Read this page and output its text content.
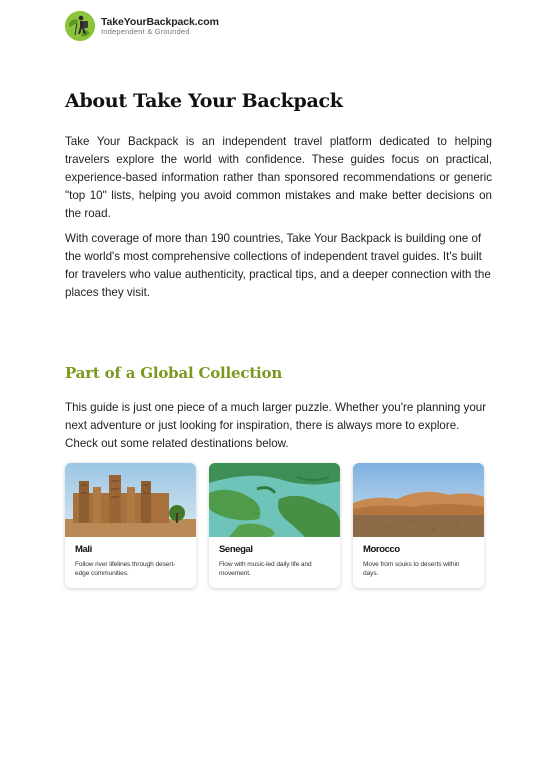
TakeYourBackpack.com
Independent & Grounded
About Take Your Backpack

Take Your Backpack is an independent travel platform dedicated to helping travelers explore the world with confidence. These guides focus on practical, experience-based information rather than sponsored recommendations or generic "top 10" lists, helping you avoid common mistakes and make better decisions on the road.

With coverage of more than 190 countries, Take Your Backpack is building one of the world's most comprehensive collections of independent travel guides. It's built for travelers who value authenticity, practical tips, and a deeper connection with the places they visit.

Part of a Global Collection

This guide is just one piece of a much larger puzzle. Whether you're planning your next adventure or just looking for inspiration, there is always more to explore. Check out some related destinations below.

Mali
Follow river lifelines through desert-edge communities.
Senegal
Flow with music-led daily life and movement.
Morocco
Move from souks to deserts within days.
